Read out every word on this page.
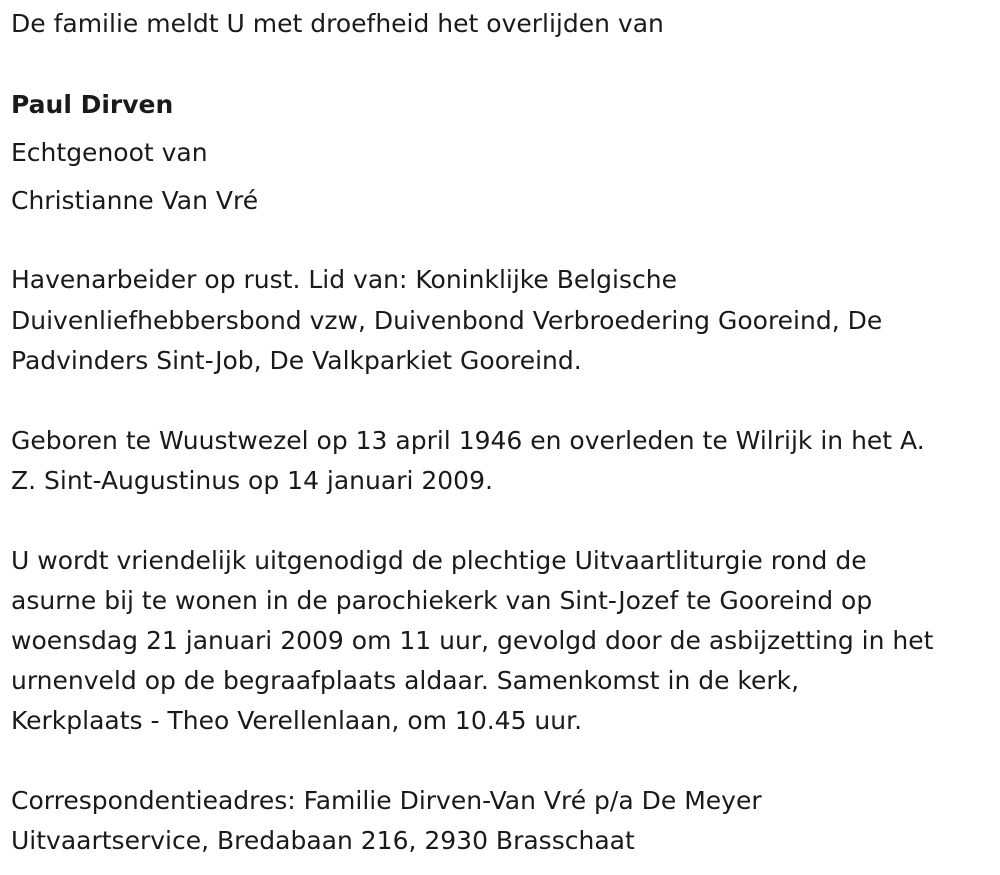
De familie meldt U met droefheid het overlijden van
Paul Dirven
Echtgenoot van
Christianne Van Vré
Havenarbeider op rust. Lid van: Koninklijke Belgische
Duivenliefhebbersbond vzw, Duivenbond Verbroedering Gooreind, De
Padvinders Sint-Job, De Valkparkiet Gooreind.
Geboren te Wuustwezel op 13 april 1946 en overleden te Wilrijk in het A.
Z. Sint-Augustinus op 14 januari 2009.
U wordt vriendelijk uitgenodigd de plechtige Uitvaartliturgie rond de
asurne bij te wonen in de parochiekerk van Sint-Jozef te Gooreind op
woensdag 21 januari 2009 om 11 uur, gevolgd door de asbijzetting in het
urnenveld op de begraafplaats aldaar. Samenkomst in de kerk,
Kerkplaats - Theo Verellenlaan, om 10.45 uur.
Correspondentieadres: Familie Dirven-Van Vré p/a De Meyer
Uitvaartservice, Bredabaan 216, 2930 Brasschaat
